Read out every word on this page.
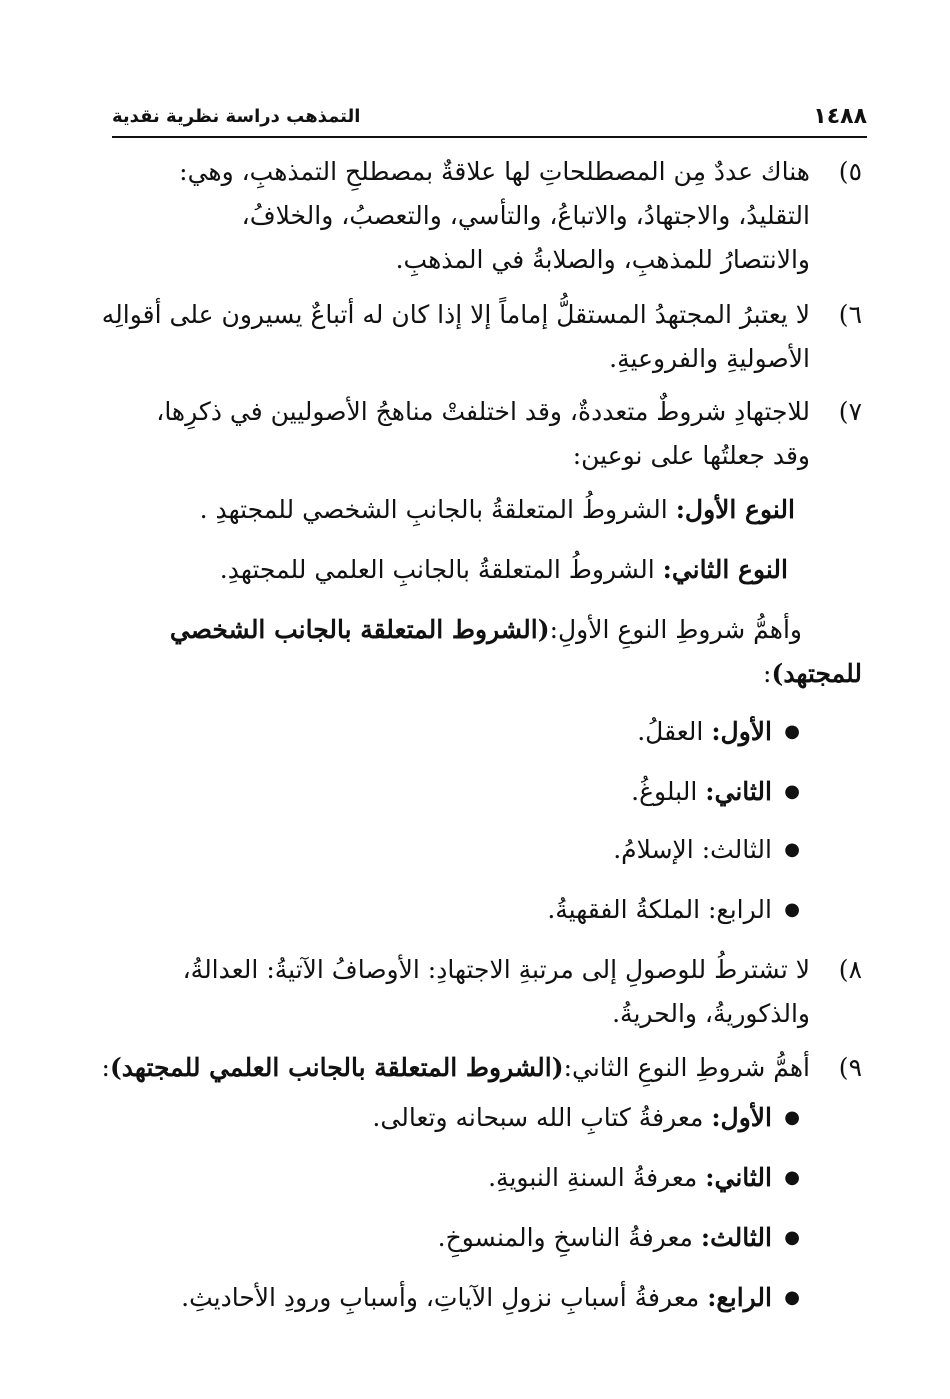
١٤٨٨
التمذهب دراسة نظرية نقدية
٥)
هناك عددٌ مِن المصطلحاتِ لها علاقةٌ بمصطلحِ التمذهبِ، وهي:
التقليدُ، والاجتهادُ، والاتباعُ، والتأسي، والتعصبُ، والخلافُ،
والانتصارُ للمذهبِ، والصلابةُ في المذهبِ.
٦)
لا يعتبرُ المجتهدُ المستقلُّ إماماً إلا إذا كان له أتباعٌ يسيرون على أقوالِه
الأصوليةِ والفروعيةِ.
٧)
للاجتهادِ شروطٌ متعددةٌ، وقد اختلفتْ مناهجُ الأصوليين في ذكرِها،
وقد جعلتُها على نوعين:
النوع الأول: الشروطُ المتعلقةُ بالجانبِ الشخصي للمجتهدِ .
النوع الثاني: الشروطُ المتعلقةُ بالجانبِ العلمي للمجتهدِ.
وأهمُّ شروطِ النوعِ الأولِ:(الشروط المتعلقة بالجانب الشخصي
للمجتهد):
●
الأول: العقلُ.
●
الثاني: البلوغُ.
●
الثالث: الإسلامُ.
●
الرابع: الملكةُ الفقهيةُ.
٨)
لا تشترطُ للوصولِ إلى مرتبةِ الاجتهادِ: الأوصافُ الآتيةُ: العدالةُ،
والذكوريةُ، والحريةُ.
٩)
أهمُّ شروطِ النوعِ الثاني:(الشروط المتعلقة بالجانب العلمي للمجتهد):
●
الأول: معرفةُ كتابِ الله سبحانه وتعالى.
●
الثاني: معرفةُ السنةِ النبويةِ.
●
الثالث: معرفةُ الناسخِ والمنسوخِ.
●
الرابع: معرفةُ أسبابِ نزولِ الآياتِ، وأسبابِ ورودِ الأحاديثِ.
